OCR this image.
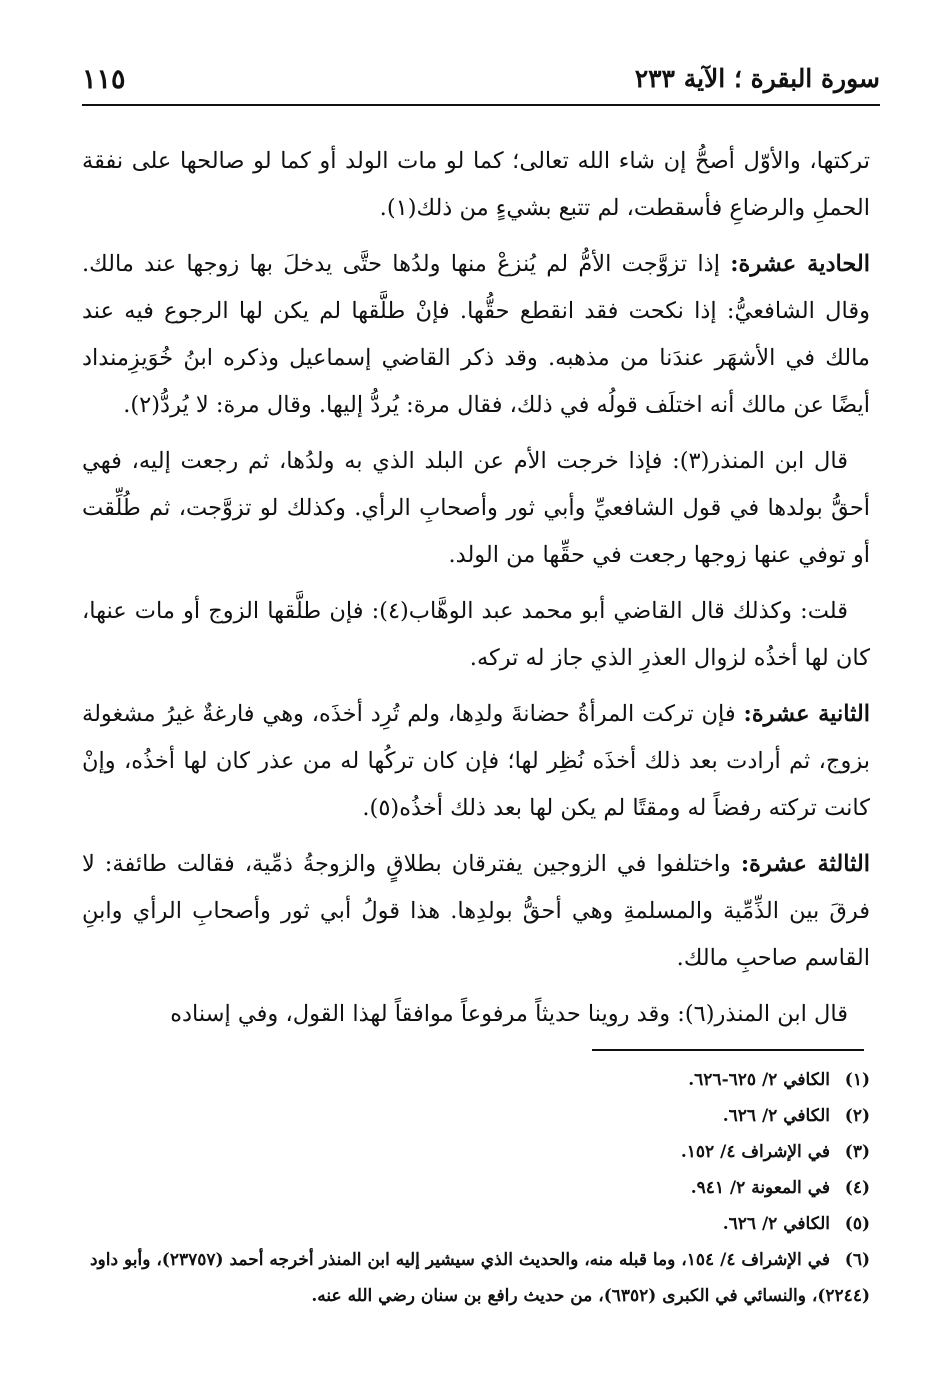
سورة البقرة ؛ الآية ٢٣٣
١١٥

تركتها، والأوّل أصحُّ إن شاء الله تعالى؛ كما لو مات الولد أو كما لو صالحها على نفقة الحملِ والرضاعِ فأسقطت، لم تتبع بشيءٍ من ذلك(١).

الحادية عشرة: إذا تزوَّجت الأمُّ لم يُنزعْ منها ولدُها حتَّى يدخلَ بها زوجها عند مالك. وقال الشافعيُّ: إذا نكحت فقد انقطع حقُّها. فإنْ طلَّقها لم يكن لها الرجوع فيه عند مالك في الأشهَر عندَنا من مذهبه. وقد ذكر القاضي إسماعيل وذكره ابنُ خُوَيزِمنداد أيضًا عن مالك أنه اختلَف قولُه في ذلك، فقال مرة: يُردُّ إليها. وقال مرة: لا يُردُّ(٢).

قال ابن المنذر(٣): فإذا خرجت الأم عن البلد الذي به ولدُها، ثم رجعت إليه، فهي أحقُّ بولدها في قول الشافعيِّ وأبي ثور وأصحابِ الرأي. وكذلك لو تزوَّجت، ثم طُلِّقت أو توفي عنها زوجها رجعت في حقِّها من الولد.

قلت: وكذلك قال القاضي أبو محمد عبد الوهَّاب(٤): فإن طلَّقها الزوج أو مات عنها، كان لها أخذُه لزوال العذرِ الذي جاز له تركه.

الثانية عشرة: فإن تركت المرأةُ حضانةَ ولدِها، ولم تُرِد أخذَه، وهي فارغةٌ غيرُ مشغولة بزوج، ثم أرادت بعد ذلك أخذَه نُظِر لها؛ فإن كان تركُها له من عذر كان لها أخذُه، وإنْ كانت تركته رفضاً له ومقتًا لم يكن لها بعد ذلك أخذُه(٥).

الثالثة عشرة: واختلفوا في الزوجين يفترقان بطلاقٍ والزوجةُ ذمِّية، فقالت طائفة: لا فرقَ بين الذِّمِّية والمسلمةِ وهي أحقُّ بولدِها. هذا قولُ أبي ثور وأصحابِ الرأي وابنِ القاسم صاحبِ مالك.

قال ابن المنذر(٦): وقد روينا حديثاً مرفوعاً موافقاً لهذا القول، وفي إسناده

(١)الكافي ٢/ ٦٢٥-٦٢٦.

(٢)الكافي ٢/ ٦٢٦.

(٣)في الإشراف ٤/ ١٥٢.

(٤)في المعونة ٢/ ٩٤١.

(٥)الكافي ٢/ ٦٢٦.

(٦)في الإشراف ٤/ ١٥٤، وما قبله منه، والحديث الذي سيشير إليه ابن المنذر أخرجه أحمد (٢٣٧٥٧)، وأبو داود (٢٢٤٤)، والنسائي في الكبرى (٦٣٥٢)، من حديث رافع بن سنان رضي الله عنه.
